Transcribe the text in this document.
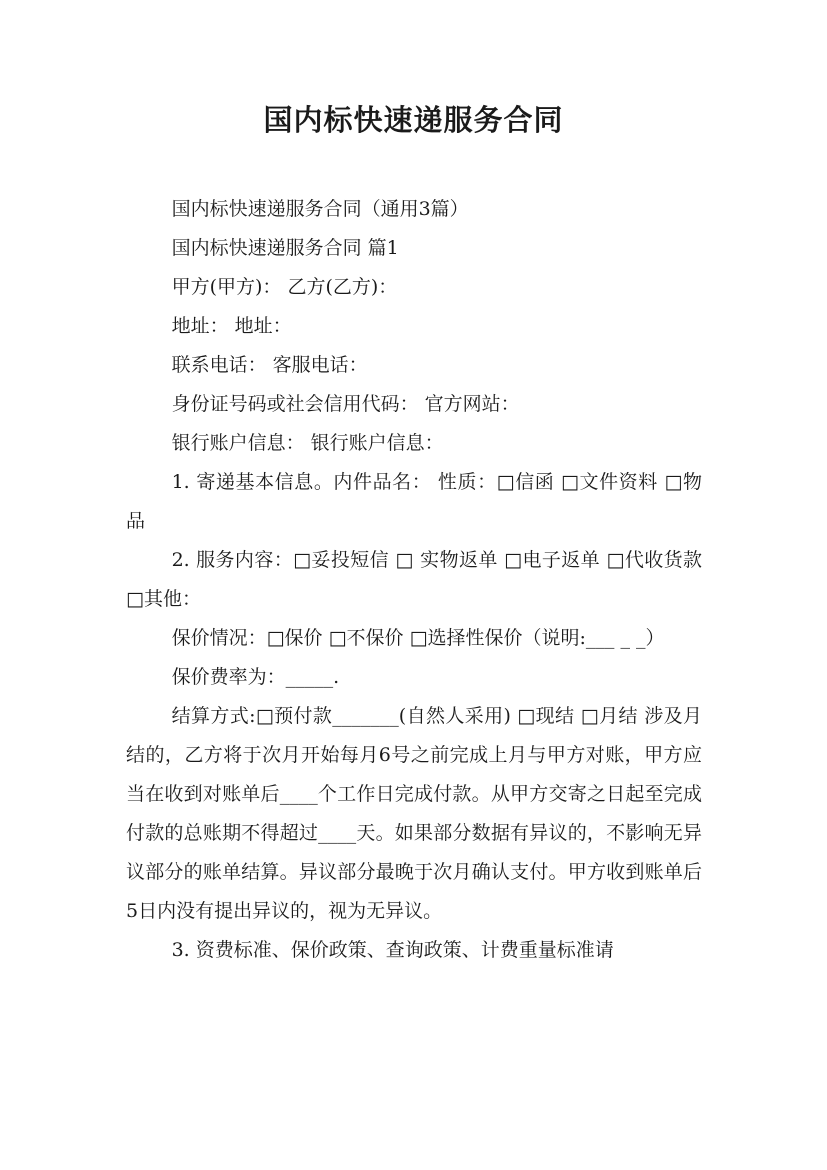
国内标快速递服务合同

国内标快速递服务合同（通用3篇）

国内标快速递服务合同 篇1

甲方(甲方)： 乙方(乙方)：

地址： 地址：

联系电话： 客服电话：

身份证号码或社会信用代码： 官方网站：

银行账户信息： 银行账户信息：

1. 寄递基本信息。内件品名： 性质：□信函 □文件资料 □物品

2. 服务内容：□妥投短信 □ 实物返单 □电子返单 □代收货款 □其他：

保价情况：□保价 □不保价 □选择性保价（说明:___ _ _）

保价费率为：_____.

结算方式:□预付款_______(自然人采用) □现结 □月结 涉及月结的，乙方将于次月开始每月6号之前完成上月与甲方对账，甲方应当在收到对账单后____个工作日完成付款。从甲方交寄之日起至完成付款的总账期不得超过____天。如果部分数据有异议的，不影响无异议部分的账单结算。异议部分最晚于次月确认支付。甲方收到账单后5日内没有提出异议的，视为无异议。

3. 资费标准、保价政策、查询政策、计费重量标准请
